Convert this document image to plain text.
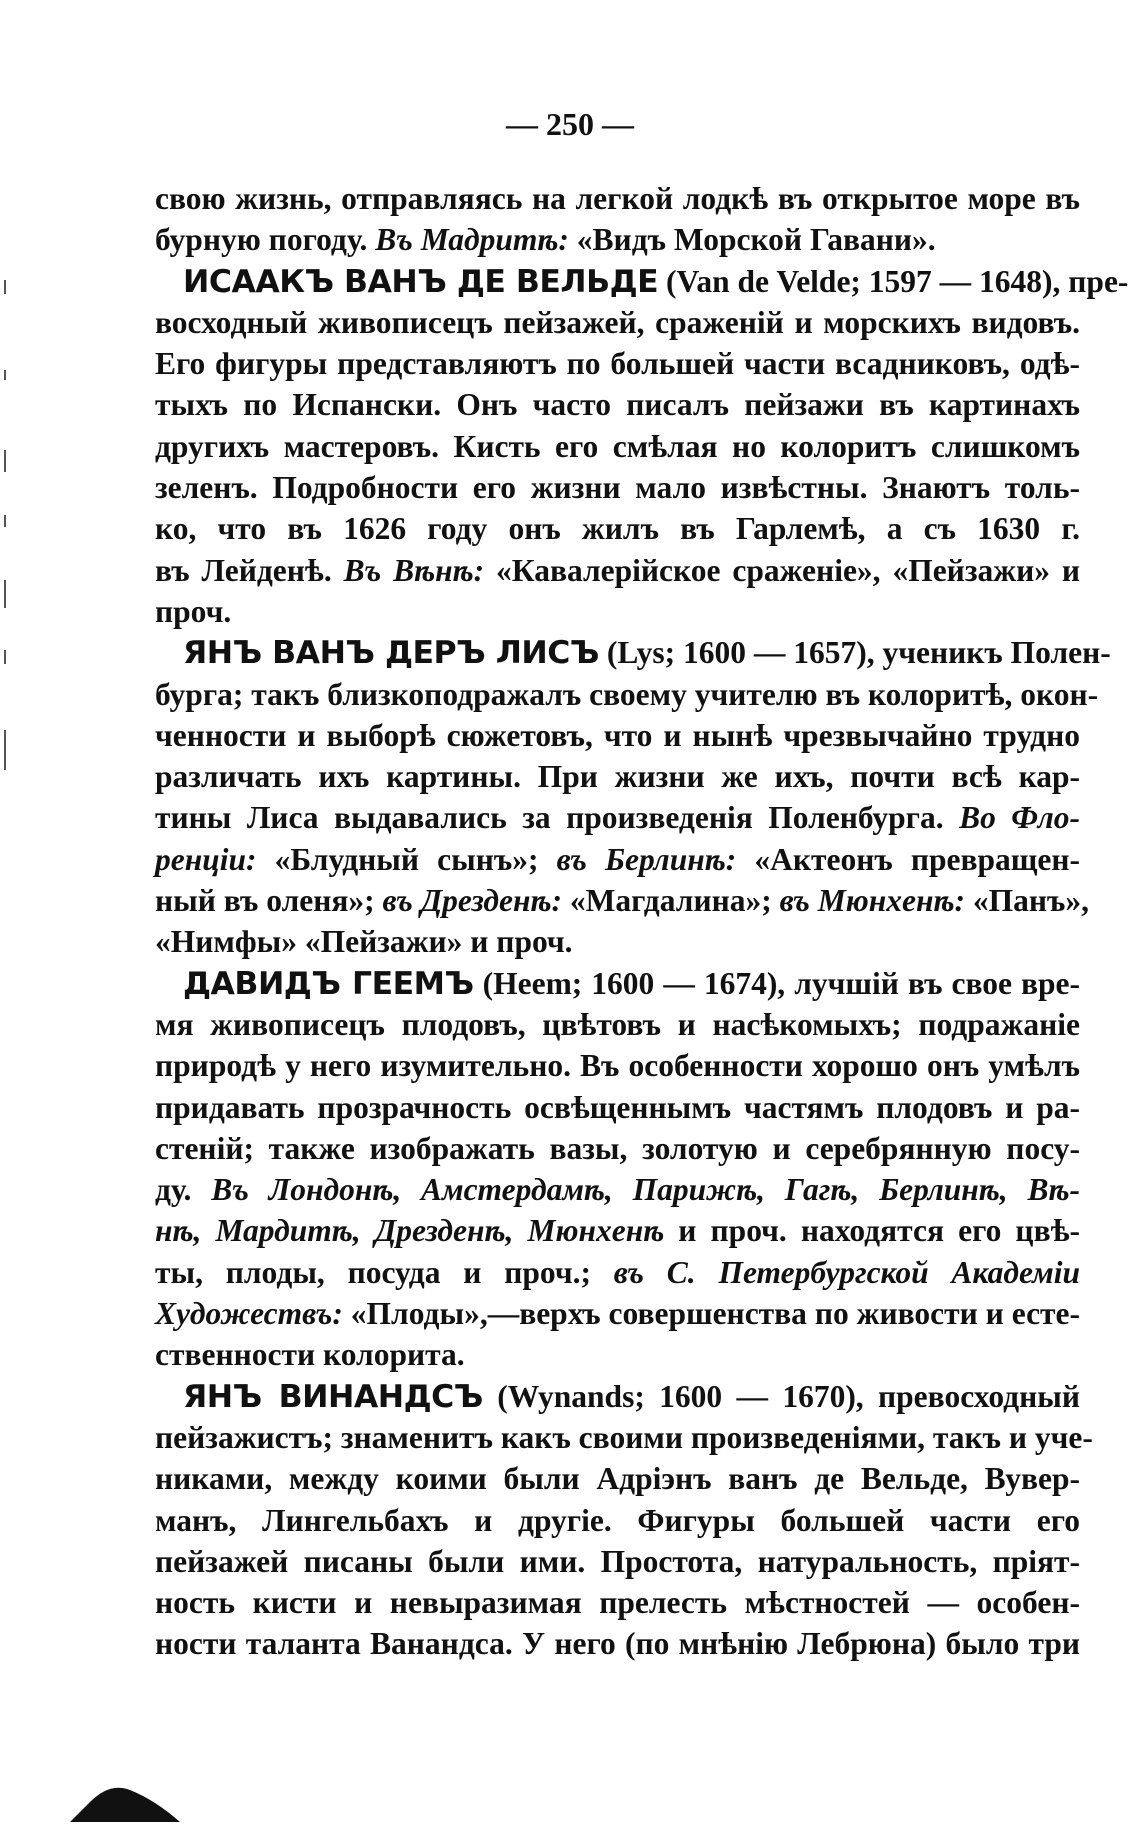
— 250 —
свою жизнь, отправляясь на легкой лодкѣ въ открытое море въ
бурную погоду. Въ Мадритѣ: «Видъ Морской Гавани».
ИСААКЪ ВАНЪ ДЕ ВЕЛЬДЕ (Van de Velde; 1597 — 1648), пре-
восходный живописецъ пейзажей, сраженій и морскихъ видовъ.
Его фигуры представляютъ по большей части всадниковъ, одѣ-
тыхъ по Испански. Онъ часто писалъ пейзажи въ картинахъ
другихъ мастеровъ. Кисть его смѣлая но колоритъ слишкомъ
зеленъ. Подробности его жизни мало извѣстны. Знаютъ толь-
ко, что въ 1626 году онъ жилъ въ Гарлемѣ, а съ 1630 г.
въ Лейденѣ. Въ Вѣнѣ: «Кавалерійское сраженіе», «Пейзажи» и
проч.
ЯНЪ ВАНЪ ДЕРЪ ЛИСЪ (Lys; 1600 — 1657), ученикъ Полен-
бурга; такъ близкоподражалъ своему учителю въ колоритѣ, окон-
ченности и выборѣ сюжетовъ, что и нынѣ чрезвычайно трудно
различать ихъ картины. При жизни же ихъ, почти всѣ кар-
тины Лиса выдавались за произведенія Поленбурга. Во Фло-
ренціи: «Блудный сынъ»; въ Берлинѣ: «Актеонъ превращен-
ный въ оленя»; въ Дрезденѣ: «Магдалина»; въ Мюнхенѣ: «Панъ»,
«Нимфы» «Пейзажи» и проч.
ДАВИДЪ ГЕЕМЪ (Heem; 1600 — 1674), лучшій въ свое вре-
мя живописецъ плодовъ, цвѣтовъ и насѣкомыхъ; подражаніе
природѣ у него изумительно. Въ особенности хорошо онъ умѣлъ
придавать прозрачность освѣщеннымъ частямъ плодовъ и ра-
стеній; также изображать вазы, золотую и серебрянную посу-
ду. Въ Лондонѣ, Амстердамѣ, Парижѣ, Гагѣ, Берлинѣ, Вѣ-
нѣ, Мардитѣ, Дрезденѣ, Мюнхенѣ и проч. находятся его цвѣ-
ты, плоды, посуда и проч.; въ С. Петербургской Академіи
Художествъ: «Плоды»,—верхъ совершенства по живости и есте-
ственности колорита.
ЯНЪ ВИНАНДСЪ (Wynands; 1600 — 1670), превосходный
пейзажистъ; знаменитъ какъ своими произведеніями, такъ и уче-
никами, между коими были Адріэнъ ванъ де Вельде, Вувер-
манъ, Лингельбахъ и другіе. Фигуры большей части его
пейзажей писаны были ими. Простота, натуральность, пріят-
ность кисти и невыразимая прелесть мѣстностей — особен-
ности таланта Ванандса. У него (по мнѣнію Лебрюна) было три
